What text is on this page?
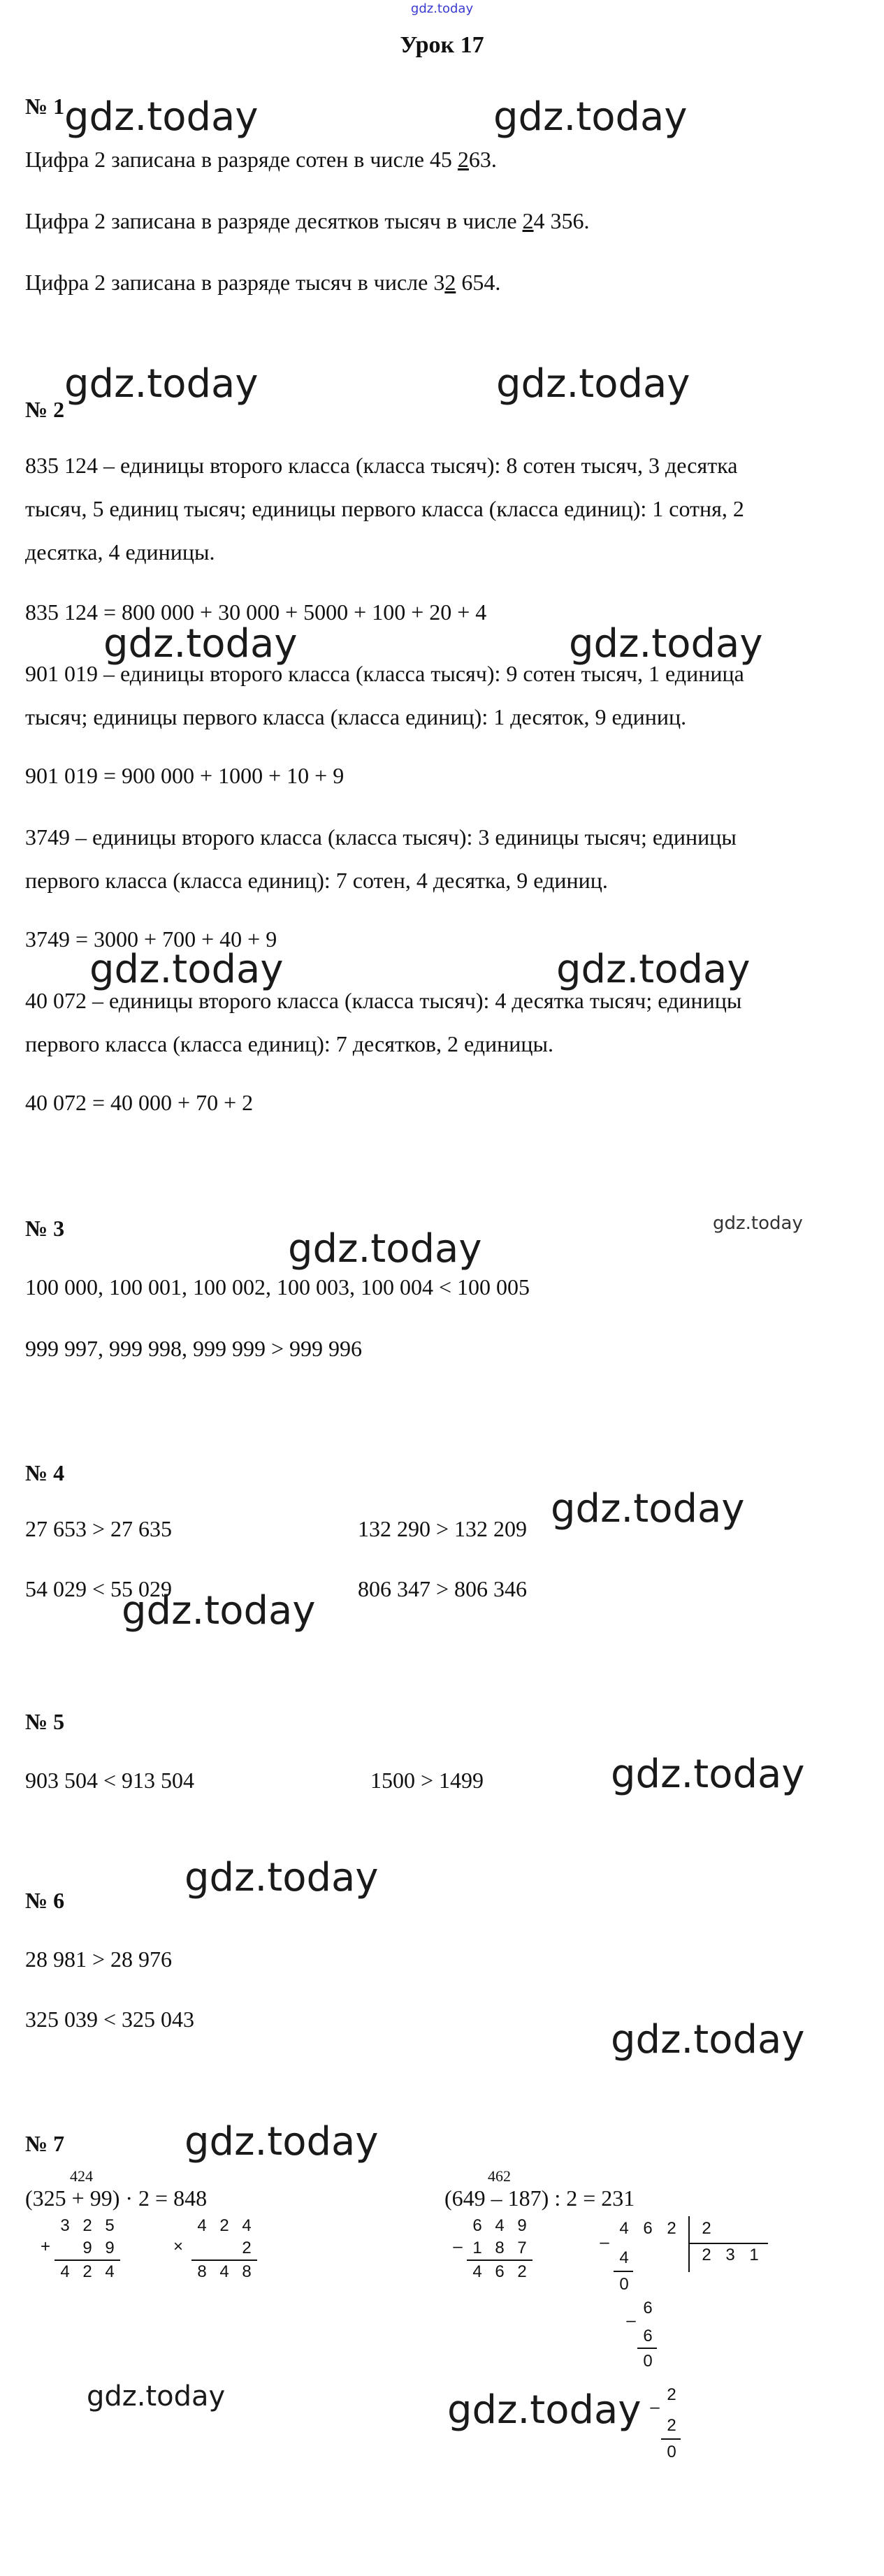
gdz.today
Урок 17
№ 1
Цифра 2 записана в разряде сотен в числе 45 263.
Цифра 2 записана в разряде десятков тысяч в числе 24 356.
Цифра 2 записана в разряде тысяч в числе 32 654.
№ 2
835 124 – единицы второго класса (класса тысяч): 8 сотен тысяч, 3 десятка
тысяч, 5 единиц тысяч; единицы первого класса (класса единиц): 1 сотня, 2
десятка, 4 единицы.
835 124 = 800 000 + 30 000 + 5000 + 100 + 20 + 4
901 019 – единицы второго класса (класса тысяч): 9 сотен тысяч, 1 единица
тысяч; единицы первого класса (класса единиц): 1 десяток, 9 единиц.
901 019 = 900 000 + 1000 + 10 + 9
3749 – единицы второго класса (класса тысяч): 3 единицы тысяч; единицы
первого класса (класса единиц): 7 сотен, 4 десятка, 9 единиц.
3749 = 3000 + 700 + 40 + 9
40 072 – единицы второго класса (класса тысяч): 4 десятка тысяч; единицы
первого класса (класса единиц): 7 десятков, 2 единицы.
40 072 = 40 000 + 70 + 2
№ 3
100 000, 100 001, 100 002, 100 003, 100 004 < 100 005
999 997, 999 998, 999 999 > 999 996
№ 4
27 653 > 27 635	132 290 > 132 209
54 029 < 55 029	806 347 > 806 346
№ 5
903 504 < 913 504	1500 > 1499
№ 6
28 981 > 28 976
325 039 < 325 043
№ 7
424
(325 + 99) · 2 = 848
462
(649 – 187) : 2 = 231
+
3 2 5
9 9
4 2 4
×
4 2 4
2
8 4 8
–
6 4 9
1 8 7
4 6 2
–
4 6 2	2
2 3 1
4
0
–
6
6
0
–
2
2
0
gdz.today	gdz.today
gdz.today	gdz.today
gdz.today	gdz.today
gdz.today	gdz.today
gdz.today
gdz.today
gdz.today
gdz.today
gdz.today
gdz.today
gdz.today
gdz.today
gdz.today	gdz.today
